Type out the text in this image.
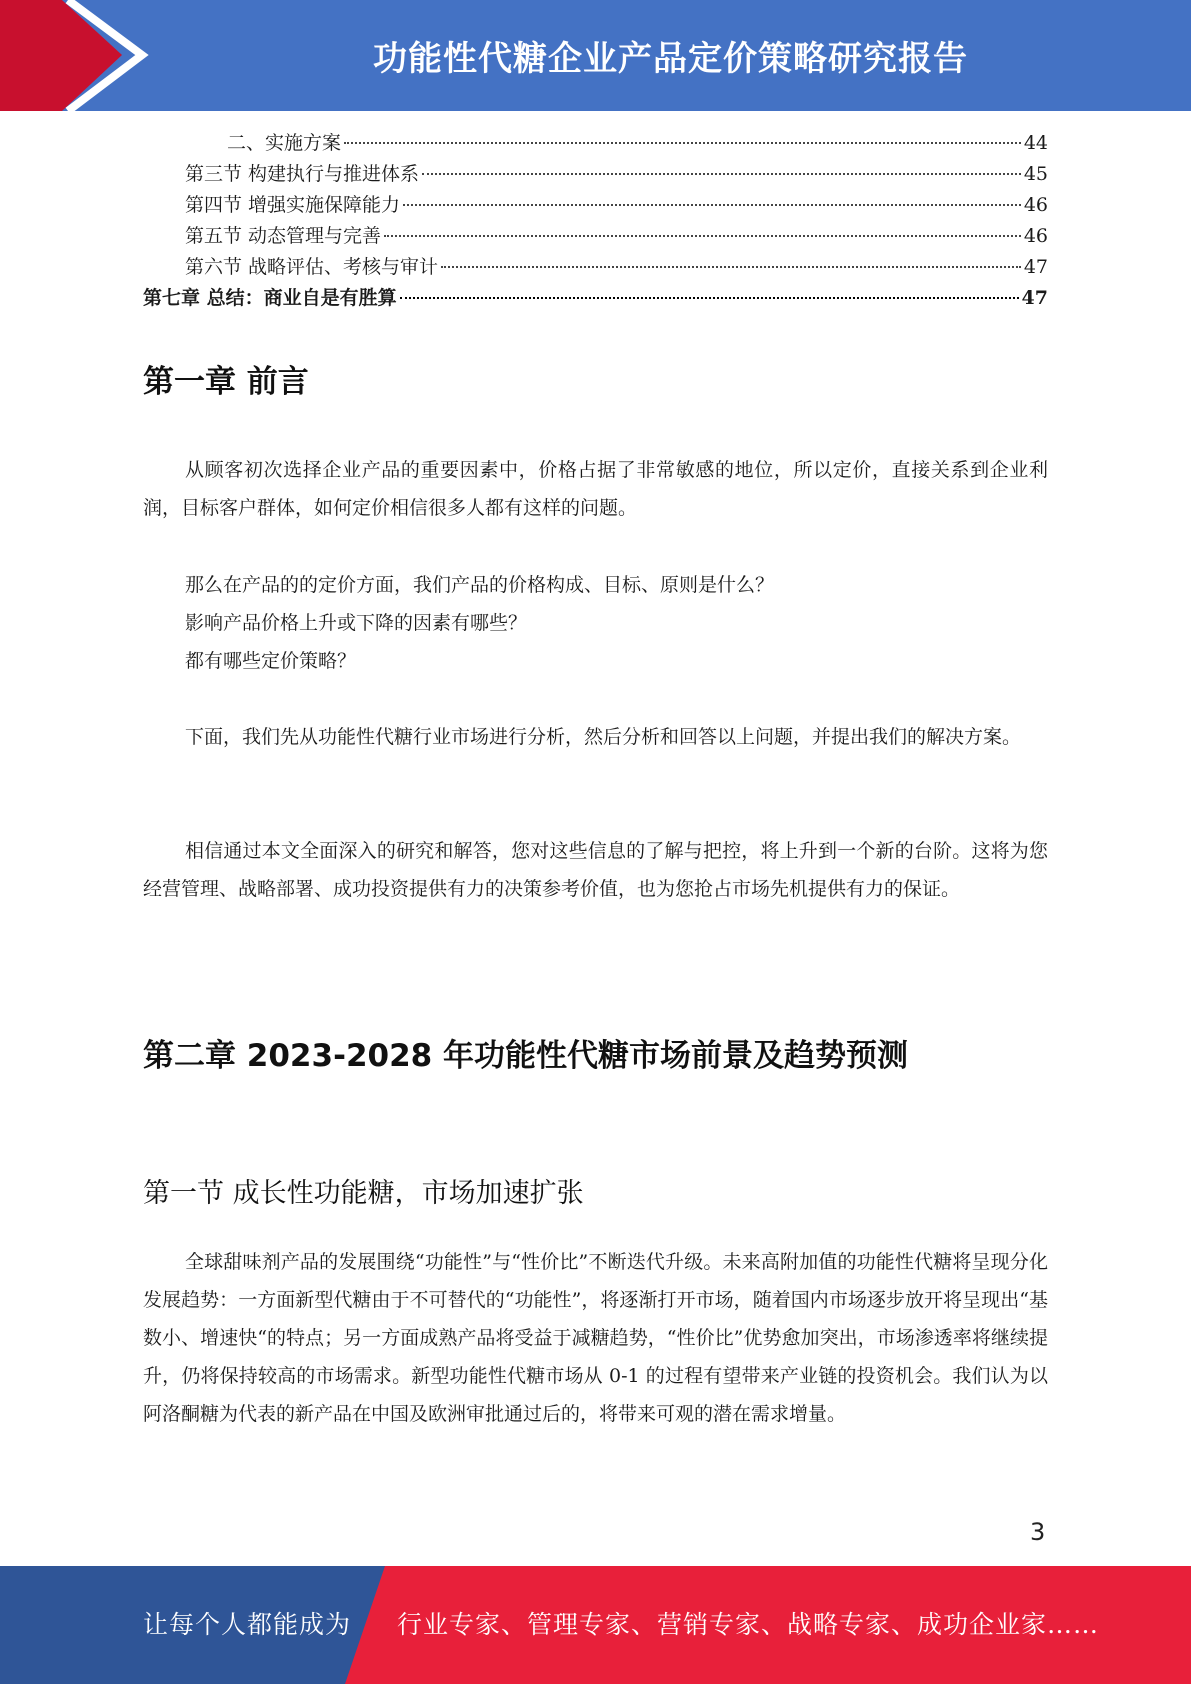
功能性代糖企业产品定价策略研究报告
二、实施方案	44
第三节 构建执行与推进体系	45
第四节 增强实施保障能力	46
第五节 动态管理与完善	46
第六节 战略评估、考核与审计	47
第七章 总结：商业自是有胜算	47
第一章 前言

从顾客初次选择企业产品的重要因素中，价格占据了非常敏感的地位，所以定价，直接关系到企业利润，目标客户群体，如何定价相信很多人都有这样的问题。

那么在产品的的定价方面，我们产品的价格构成、目标、原则是什么？

影响产品价格上升或下降的因素有哪些？

都有哪些定价策略？

下面，我们先从功能性代糖行业市场进行分析，然后分析和回答以上问题，并提出我们的解决方案。

相信通过本文全面深入的研究和解答，您对这些信息的了解与把控，将上升到一个新的台阶。这将为您经营管理、战略部署、成功投资提供有力的决策参考价值，也为您抢占市场先机提供有力的保证。

第二章 2023-2028 年功能性代糖市场前景及趋势预测
第一节 成长性功能糖，市场加速扩张

全球甜味剂产品的发展围绕“功能性”与“性价比”不断迭代升级。未来高附加值的功能性代糖将呈现分化发展趋势：一方面新型代糖由于不可替代的“功能性”，将逐渐打开市场，随着国内市场逐步放开将呈现出“基数小、增速快“的特点；另一方面成熟产品将受益于减糖趋势，“性价比”优势愈加突出，市场渗透率将继续提升，仍将保持较高的市场需求。新型功能性代糖市场从 0-1 的过程有望带来产业链的投资机会。我们认为以阿洛酮糖为代表的新产品在中国及欧洲审批通过后的，将带来可观的潜在需求增量。

3
让每个人都能成为 行业专家、管理专家、营销专家、战略专家、成功企业家……
